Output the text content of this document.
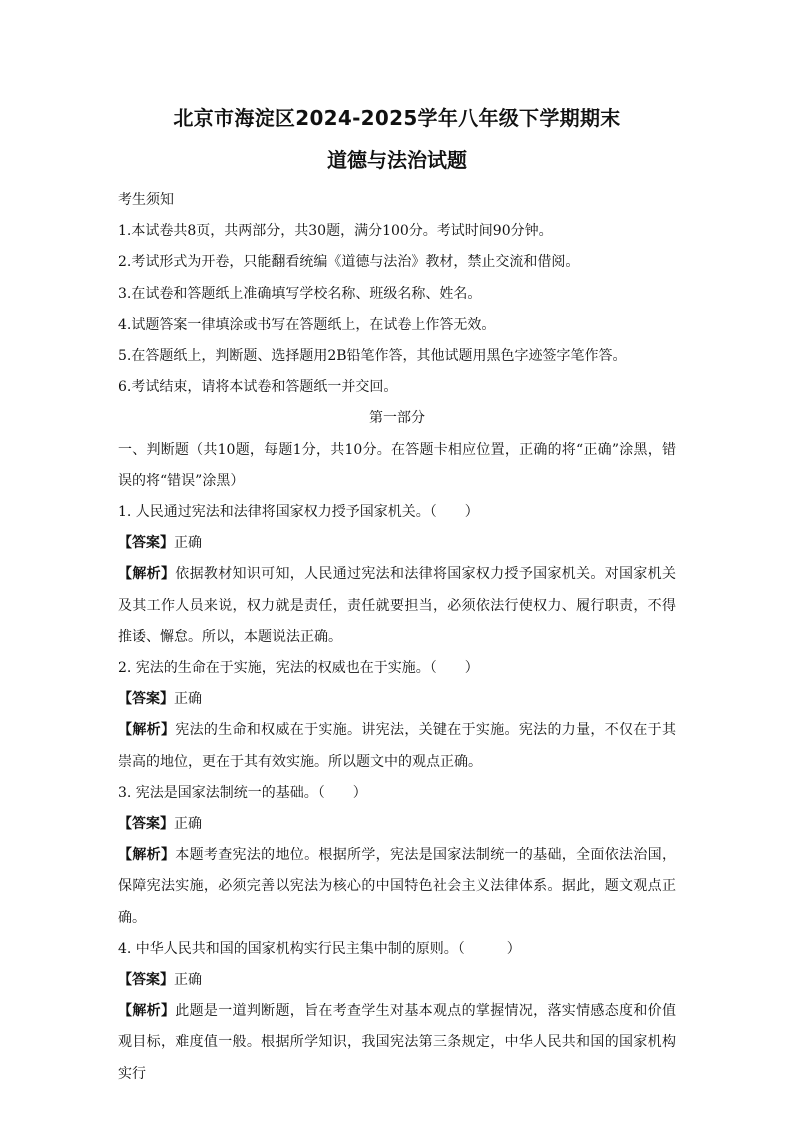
北京市海淀区2024-2025学年八年级下学期期末
道德与法治试题

考生须知

1.本试卷共8页，共两部分，共30题，满分100分。考试时间90分钟。

2.考试形式为开卷，只能翻看统编《道德与法治》教材，禁止交流和借阅。

3.在试卷和答题纸上准确填写学校名称、班级名称、姓名。

4.试题答案一律填涂或书写在答题纸上，在试卷上作答无效。

5.在答题纸上，判断题、选择题用2B铅笔作答，其他试题用黑色字迹签字笔作答。

6.考试结束，请将本试卷和答题纸一并交回。

第一部分

一、判断题（共10题，每题1分，共10分。在答题卡相应位置，正确的将“正确”涂黑，错误的将“错误”涂黑）

1. 人民通过宪法和法律将国家权力授予国家机关。（　　）

【答案】正确

【解析】依据教材知识可知，人民通过宪法和法律将国家权力授予国家机关。对国家机关及其工作人员来说，权力就是责任，责任就要担当，必须依法行使权力、履行职责，不得推诿、懈怠。所以，本题说法正确。

2. 宪法的生命在于实施，宪法的权威也在于实施。（　　）

【答案】正确

【解析】宪法的生命和权威在于实施。讲宪法，关键在于实施。宪法的力量，不仅在于其崇高的地位，更在于其有效实施。所以题文中的观点正确。

3. 宪法是国家法制统一的基础。（　　）

【答案】正确

【解析】本题考查宪法的地位。根据所学，宪法是国家法制统一的基础，全面依法治国，保障宪法实施，必须完善以宪法为核心的中国特色社会主义法律体系。据此，题文观点正确。

4. 中华人民共和国的国家机构实行民主集中制的原则。（　　　）

【答案】正确

【解析】此题是一道判断题，旨在考查学生对基本观点的掌握情况，落实情感态度和价值观目标，难度值一般。根据所学知识，我国宪法第三条规定，中华人民共和国的国家机构实行
